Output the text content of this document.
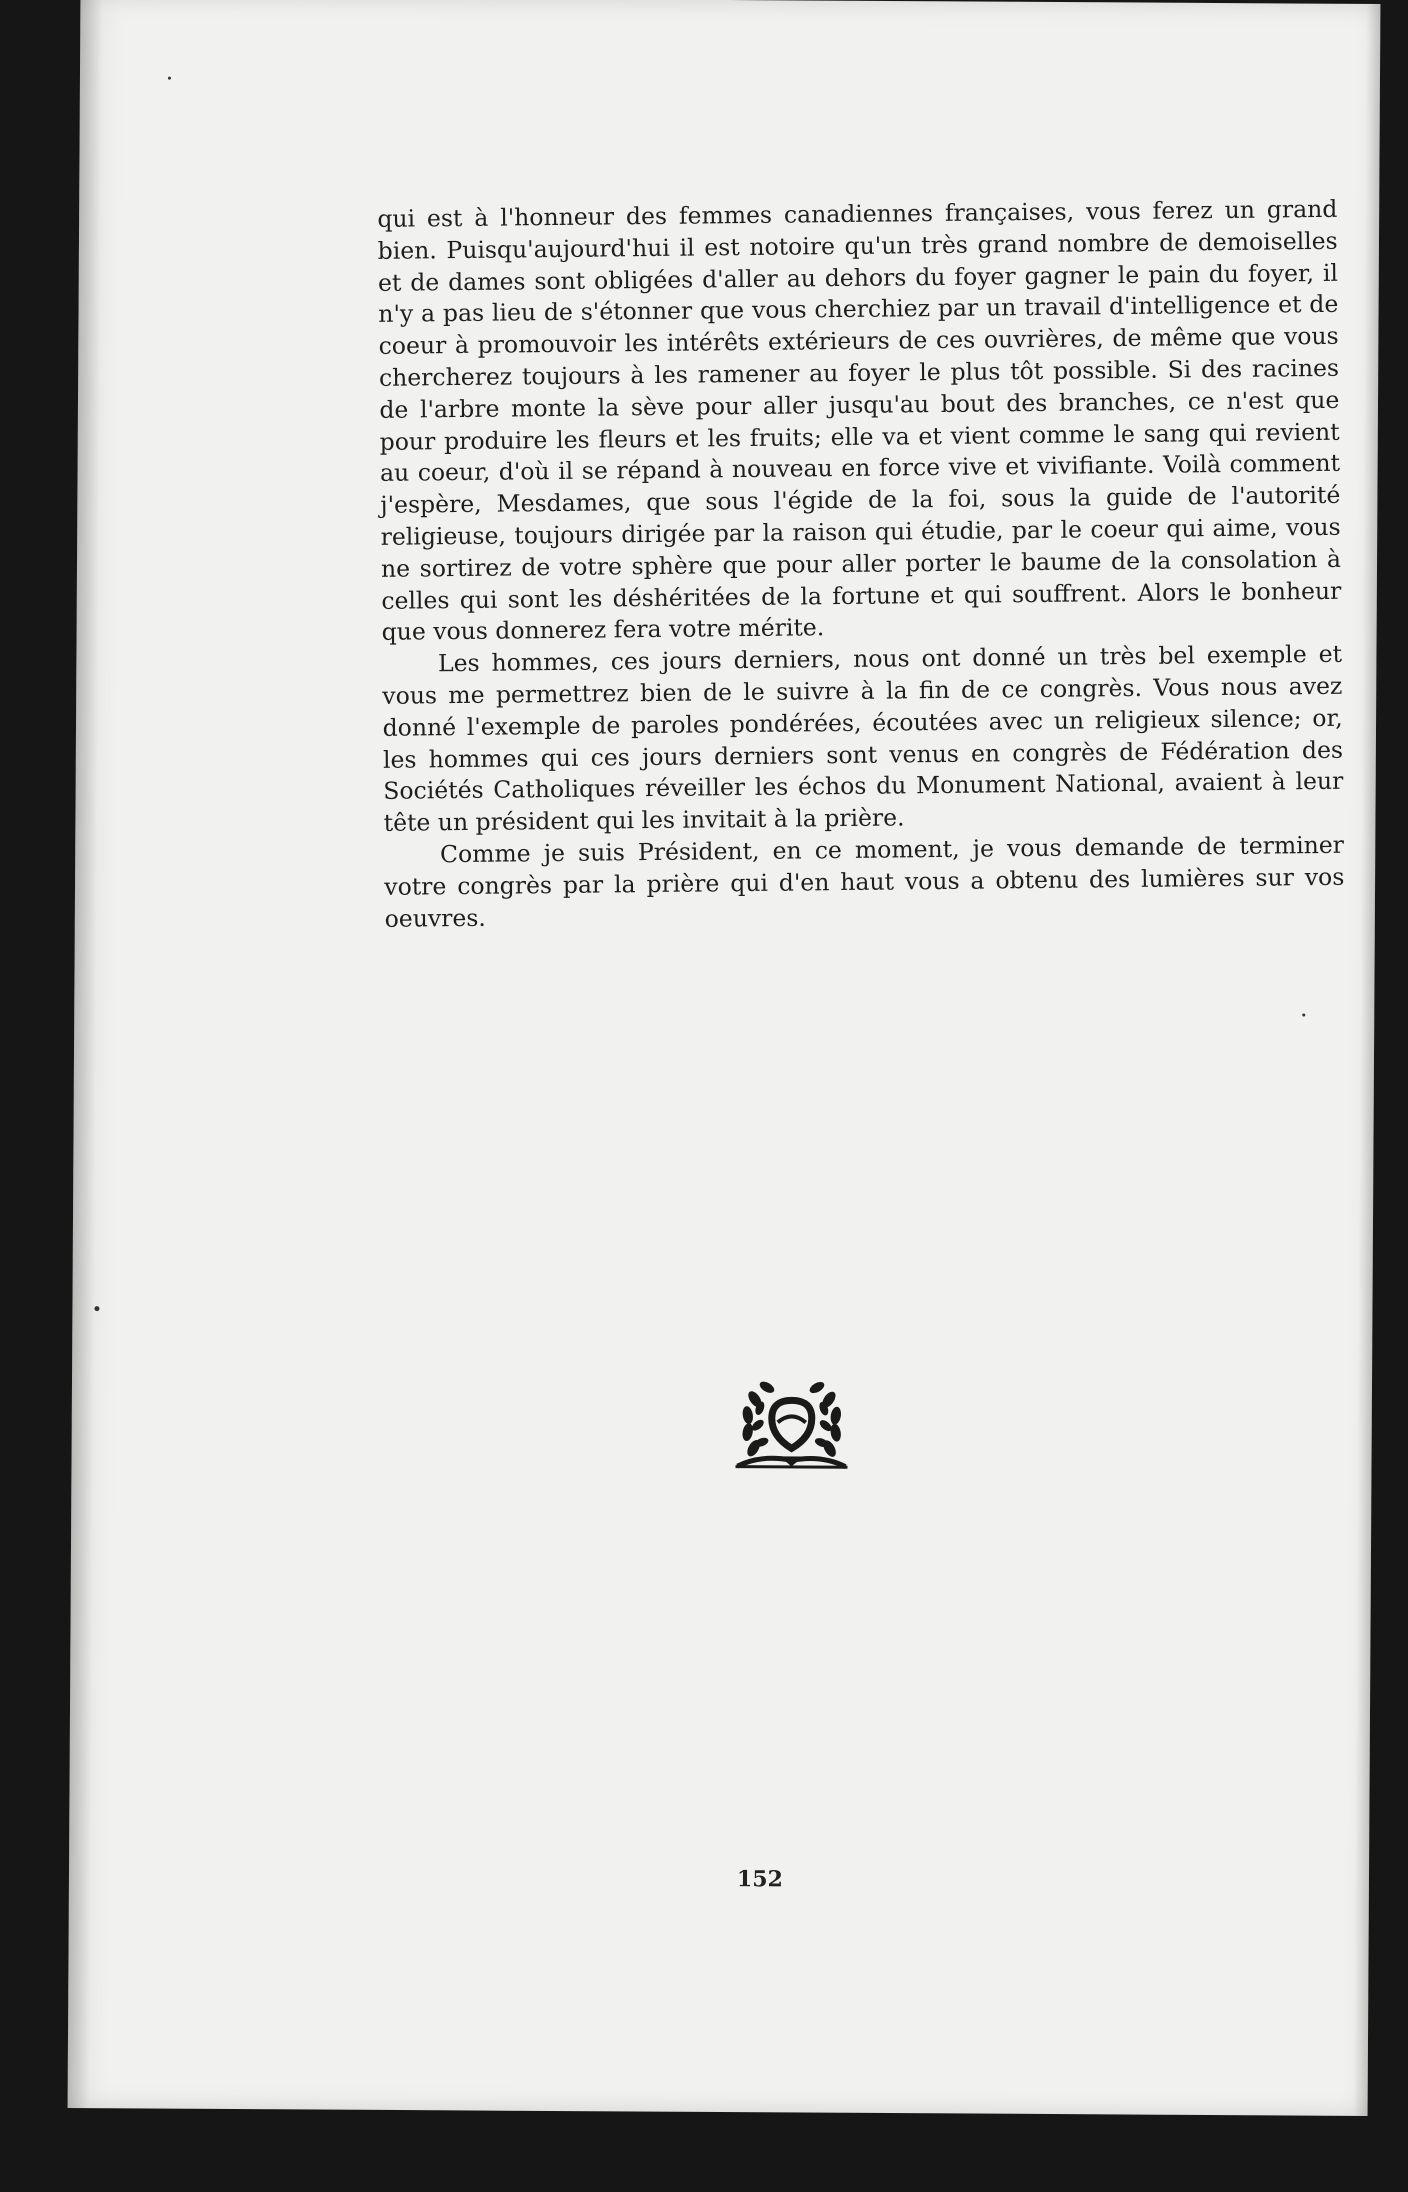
qui est à l'honneur des femmes canadiennes françaises, vous ferez un grand bien. Puisqu'aujourd'hui il est notoire qu'un très grand nombre de demoiselles et de dames sont obligées d'aller au dehors du foyer gagner le pain du foyer, il n'y a pas lieu de s'étonner que vous cherchiez par un travail d'intelligence et de coeur à promouvoir les intérêts extérieurs de ces ouvrières, de même que vous chercherez toujours à les ramener au foyer le plus tôt possible. Si des racines de l'arbre monte la sève pour aller jusqu'au bout des branches, ce n'est que pour produire les fleurs et les fruits; elle va et vient comme le sang qui revient au coeur, d'où il se répand à nouveau en force vive et vivifiante. Voilà comment j'espère, Mesdames, que sous l'égide de la foi, sous la guide de l'autorité religieuse, toujours dirigée par la raison qui étudie, par le coeur qui aime, vous ne sortirez de votre sphère que pour aller porter le baume de la consolation à celles qui sont les déshéritées de la fortune et qui souffrent. Alors le bonheur que vous donnerez fera votre mérite.

Les hommes, ces jours derniers, nous ont donné un très bel exemple et vous me permettrez bien de le suivre à la fin de ce congrès. Vous nous avez donné l'exemple de paroles pondérées, écoutées avec un religieux silence; or, les hommes qui ces jours derniers sont venus en congrès de Fédération des Sociétés Catholiques réveiller les échos du Monument National, avaient à leur tête un président qui les invitait à la prière.

Comme je suis Président, en ce moment, je vous demande de terminer votre congrès par la prière qui d'en haut vous a obtenu des lumières sur vos oeuvres.

152
